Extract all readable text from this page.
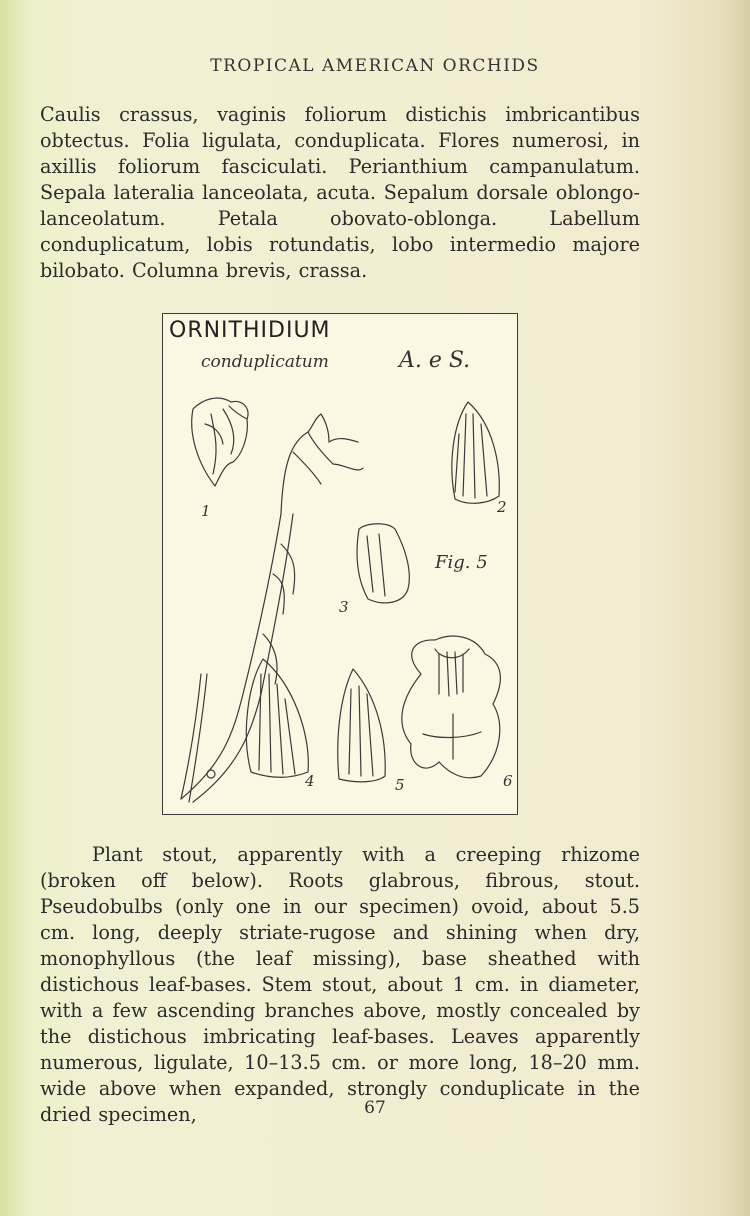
TROPICAL AMERICAN ORCHIDS
Caulis crassus, vaginis foliorum distichis imbricantibus obtectus. Folia ligulata, conduplicata. Flores numerosi, in axillis foliorum fasciculati. Perianthium campanulatum. Sepala lateralia lanceolata, acuta. Sepalum dorsale oblongo-lanceolatum. Petala obovato-oblonga. Labellum conduplicatum, lobis rotundatis, lobo intermedio majore bilobato. Columna brevis, crassa.
ORNITHIDIUM
conduplicatum	A. e S.
Fig. 5
1	2
3
4	5	6
Plant stout, apparently with a creeping rhizome (broken off below). Roots glabrous, fibrous, stout. Pseudobulbs (only one in our specimen) ovoid, about 5.5 cm. long, deeply striate-rugose and shining when dry, monophyllous (the leaf missing), base sheathed with distichous leaf-bases. Stem stout, about 1 cm. in diameter, with a few ascending branches above, mostly concealed by the distichous imbricating leaf-bases. Leaves apparently numerous, ligulate, 10–13.5 cm. or more long, 18–20 mm. wide above when expanded, strongly conduplicate in the dried specimen,	67
